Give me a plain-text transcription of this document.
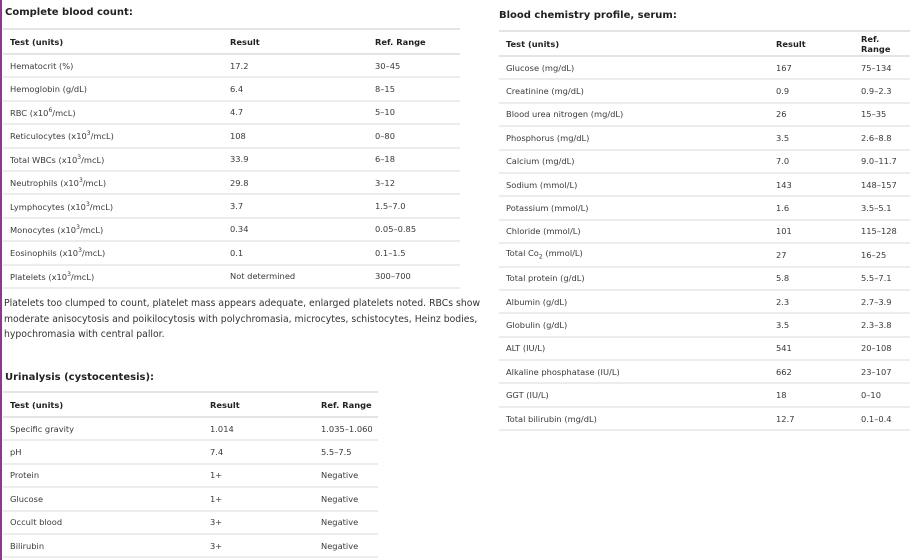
Complete blood count:
Test (units)	Result	Ref. Range
Hematocrit (%)	17.2	30–45
Hemoglobin (g/dL)	6.4	8–15
RBC $(x10^6/mcL)$	4.7	5–10
Reticulocytes $(x10^3/mcL)$	108	0–80
Total WBCs $(x10^3/mcL)$	33.9	6–18
Neutrophils $(x10^3/mcL)$	29.8	3–12
Lymphocytes $(x10^3/mcL)$	3.7	1.5–7.0
Monocytes $(x10^3/mcL)$	0.34	0.05–0.85
Eosinophils $(x10^3/mcL)$	0.1	0.1–1.5
Platelets $(x10^3/mcL)$	Not determined	300–700
Platelets too clumped to count, platelet mass appears adequate, enlarged platelets noted. RBCs show moderate anisocytosis and poikilocytosis with polychromasia, microcytes, schistocytes, Heinz bodies, hypochromasia with central pallor.
Urinalysis (cystocentesis):
Test (units)	Result	Ref. Range
Specific gravity	1.014	1.035–1.060
pH	7.4	5.5–7.5
Protein	1+	Negative
Glucose	1+	Negative
Occult blood	3+	Negative
Bilirubin	3+	Negative
Blood chemistry profile, serum:
Test (units)	Result	Ref. Range
Glucose (mg/dL)	167	75–134
Creatinine (mg/dL)	0.9	0.9–2.3
Blood urea nitrogen (mg/dL)	26	15–35
Phosphorus (mg/dL)	3.5	2.6–8.8
Calcium (mg/dL)	7.0	9.0–11.7
Sodium (mmol/L)	143	148–157
Potassium (mmol/L)	1.6	3.5–5.1
Chloride (mmol/L)	101	115–128
Total $Co_2$ (mmol/L)	27	16–25
Total protein (g/dL)	5.8	5.5–7.1
Albumin (g/dL)	2.3	2.7–3.9
Globulin (g/dL)	3.5	2.3–3.8
ALT (IU/L)	541	20–108
Alkaline phosphatase (IU/L)	662	23–107
GGT (IU/L)	18	0–10
Total bilirubin (mg/dL)	12.7	0.1–0.4
